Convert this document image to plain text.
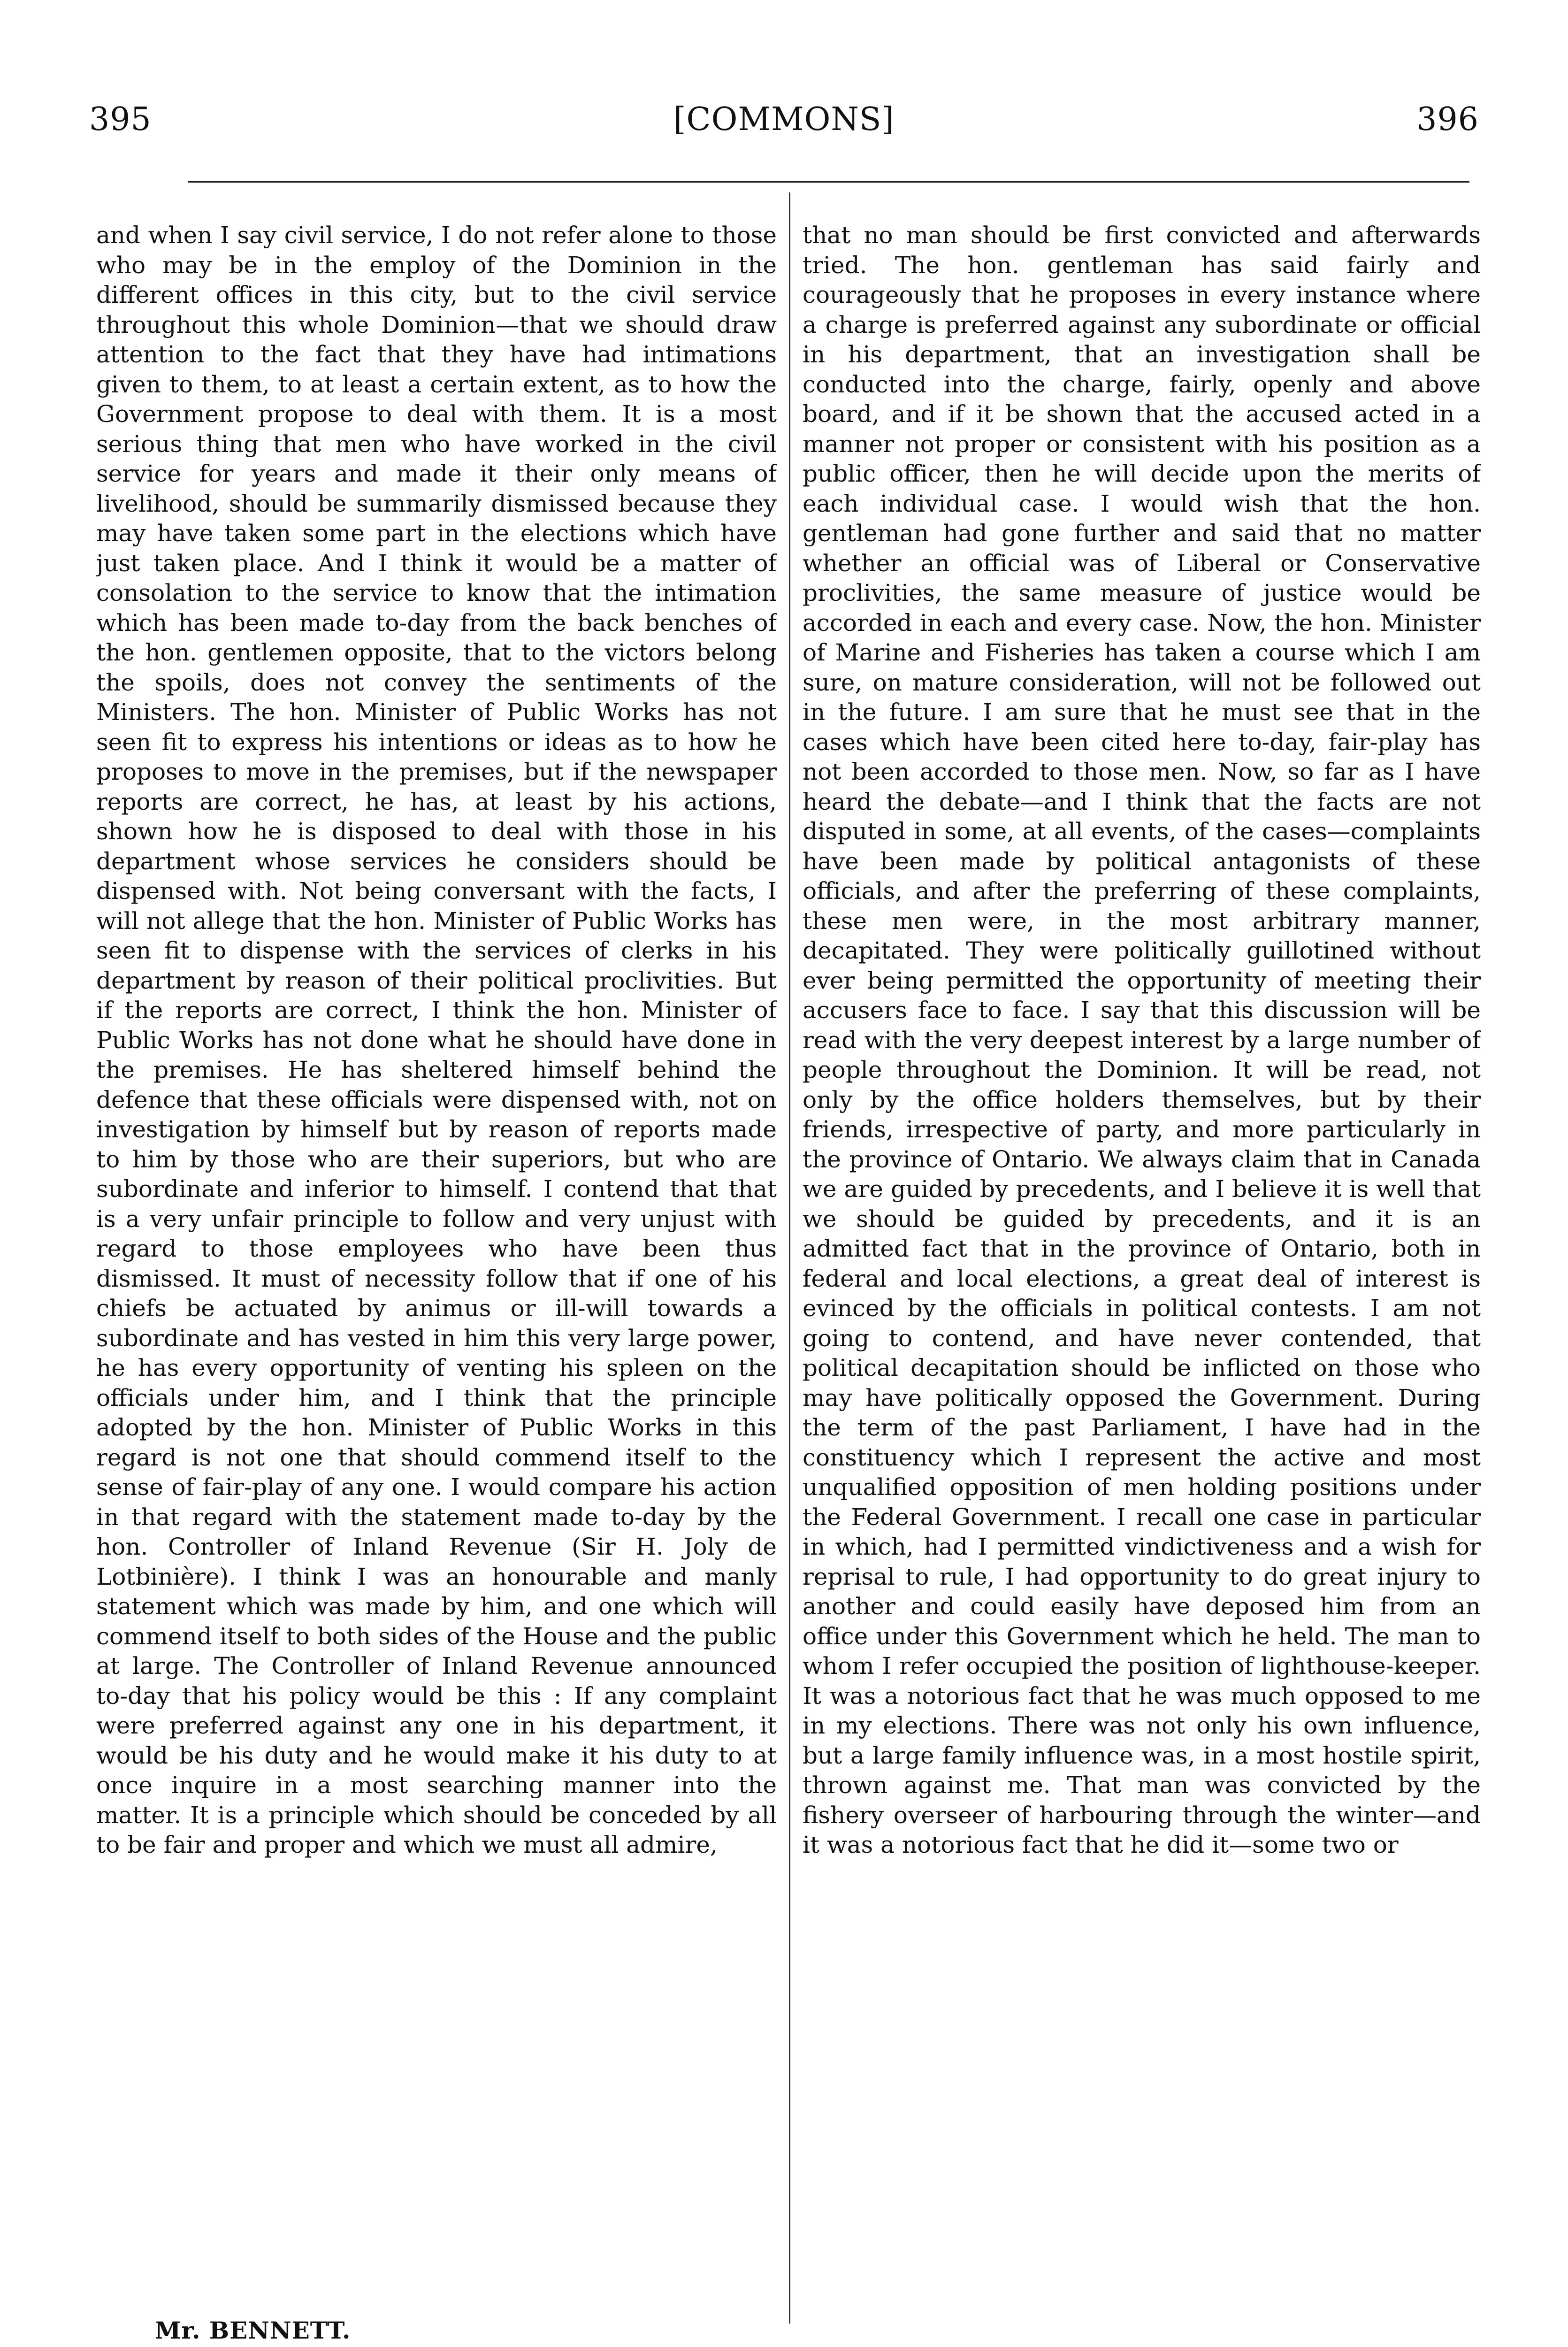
395	[COMMONS]	396

and when I say civil service, I do not refer alone to those who may be in the employ of the Dominion in the different offices in this city, but to the civil service throughout this whole Dominion—that we should draw attention to the fact that they have had intimations given to them, to at least a certain extent, as to how the Government propose to deal with them. It is a most serious thing that men who have worked in the civil service for years and made it their only means of livelihood, should be summarily dismissed because they may have taken some part in the elections which have just taken place. And I think it would be a matter of consolation to the service to know that the intimation which has been made to-day from the back benches of the hon. gentlemen opposite, that to the victors belong the spoils, does not convey the sentiments of the Ministers. The hon. Minister of Public Works has not seen fit to express his intentions or ideas as to how he proposes to move in the premises, but if the newspaper reports are correct, he has, at least by his actions, shown how he is disposed to deal with those in his department whose services he considers should be dispensed with. Not being conversant with the facts, I will not allege that the hon. Minister of Public Works has seen fit to dispense with the services of clerks in his department by reason of their political proclivities. But if the reports are correct, I think the hon. Minister of Public Works has not done what he should have done in the premises. He has sheltered himself behind the defence that these officials were dispensed with, not on investigation by himself but by reason of reports made to him by those who are their superiors, but who are subordinate and inferior to himself. I contend that that is a very unfair principle to follow and very unjust with regard to those employees who have been thus dismissed. It must of necessity follow that if one of his chiefs be actuated by animus or ill-will towards a subordinate and has vested in him this very large power, he has every opportunity of venting his spleen on the officials under him, and I think that the principle adopted by the hon. Minister of Public Works in this regard is not one that should commend itself to the sense of fair-play of any one. I would compare his action in that regard with the statement made to-day by the hon. Controller of Inland Revenue (Sir H. Joly de Lotbinière). I think I was an honourable and manly statement which was made by him, and one which will commend itself to both sides of the House and the public at large. The Controller of Inland Revenue announced to-day that his policy would be this : If any complaint were preferred against any one in his department, it would be his duty and he would make it his duty to at once inquire in a most searching manner into the matter. It is a principle which should be conceded by all to be fair and proper and which we must all admire,

that no man should be first convicted and afterwards tried. The hon. gentleman has said fairly and courageously that he proposes in every instance where a charge is preferred against any subordinate or official in his department, that an investigation shall be conducted into the charge, fairly, openly and above board, and if it be shown that the accused acted in a manner not proper or consistent with his position as a public officer, then he will decide upon the merits of each individual case. I would wish that the hon. gentleman had gone further and said that no matter whether an official was of Liberal or Conservative proclivities, the same measure of justice would be accorded in each and every case. Now, the hon. Minister of Marine and Fisheries has taken a course which I am sure, on mature consideration, will not be followed out in the future. I am sure that he must see that in the cases which have been cited here to-day, fair-play has not been accorded to those men. Now, so far as I have heard the debate—and I think that the facts are not disputed in some, at all events, of the cases—complaints have been made by political antagonists of these officials, and after the preferring of these complaints, these men were, in the most arbitrary manner, decapitated. They were politically guillotined without ever being permitted the opportunity of meeting their accusers face to face. I say that this discussion will be read with the very deepest interest by a large number of people throughout the Dominion. It will be read, not only by the office holders themselves, but by their friends, irrespective of party, and more particularly in the province of Ontario. We always claim that in Canada we are guided by precedents, and I believe it is well that we should be guided by precedents, and it is an admitted fact that in the province of Ontario, both in federal and local elections, a great deal of interest is evinced by the officials in political contests. I am not going to contend, and have never contended, that political decapitation should be inflicted on those who may have politically opposed the Government. During the term of the past Parliament, I have had in the constituency which I represent the active and most unqualified opposition of men holding positions under the Federal Government. I recall one case in particular in which, had I permitted vindictiveness and a wish for reprisal to rule, I had opportunity to do great injury to another and could easily have deposed him from an office under this Government which he held. The man to whom I refer occupied the position of lighthouse-keeper. It was a notorious fact that he was much opposed to me in my elections. There was not only his own influence, but a large family influence was, in a most hostile spirit, thrown against me. That man was convicted by the fishery overseer of harbouring through the winter—and it was a notorious fact that he did it—some two or

Mr. BENNETT.
